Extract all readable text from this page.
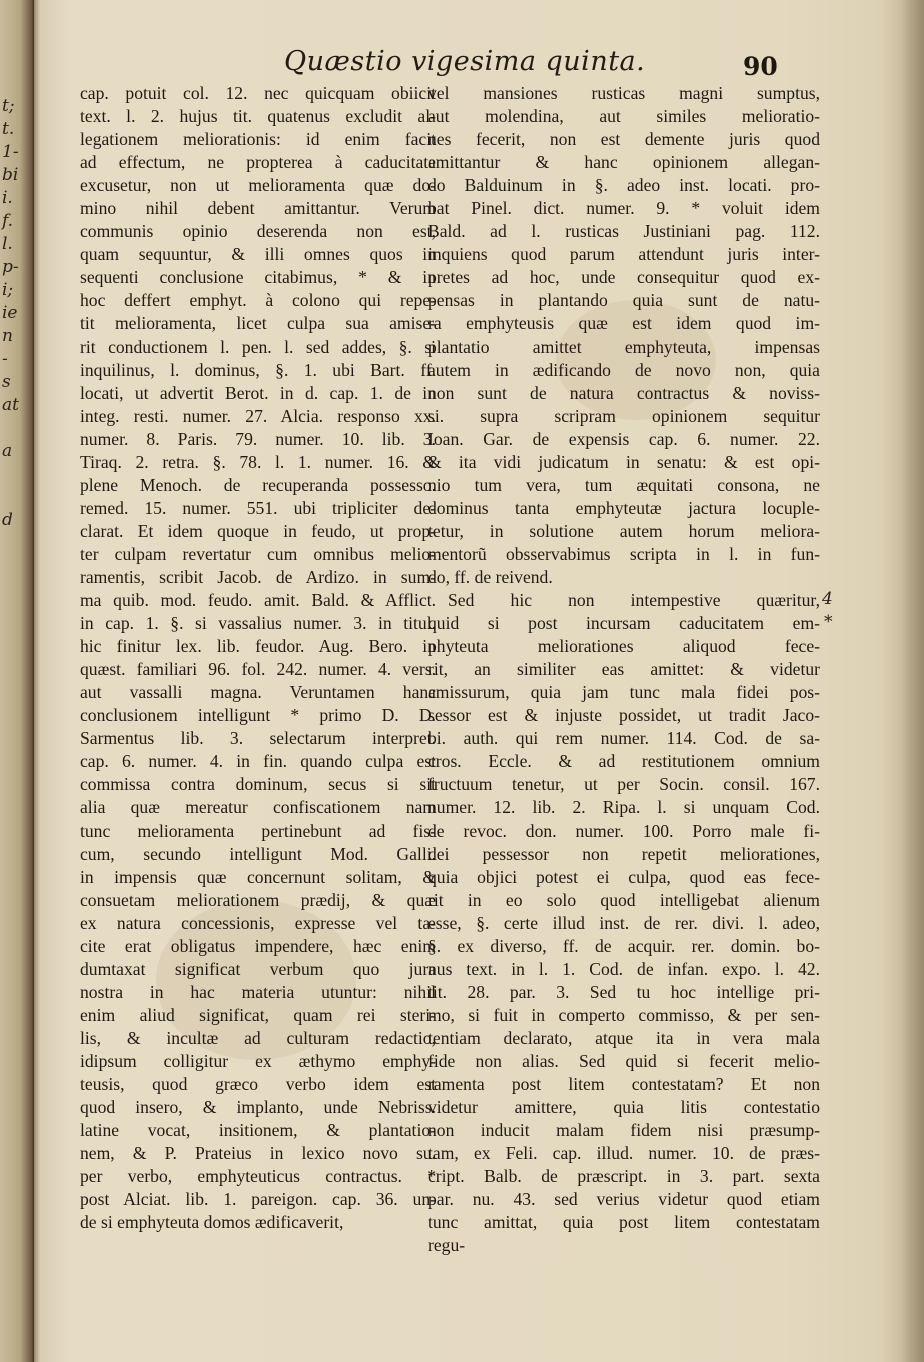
t;
t.
1-
bi
i.
f.
l.
p-
i;
ie
n
-
s
at
a
d
Quæstio vigesima quinta.	90
cap. potuit col. 12. nec quicquam obiicit
text. l. 2. hujus tit. quatenus excludit al-
legationem meliorationis: id enim facit
ad effectum, ne propterea à caducitate
excusetur, non ut melioramenta quæ do-
mino nihil debent amittantur. Verum
communis opinio deserenda non est,
quam sequuntur, & illi omnes quos in
sequenti conclusione citabimus, * & in
hoc deffert emphyt. à colono qui repe-
tit melioramenta, licet culpa sua amise-
rit conductionem l. pen. l. sed addes, §. si
inquilinus, l. dominus, §. 1. ubi Bart. ff.
locati, ut advertit Berot. in d. cap. 1. de in
integ. resti. numer. 27. Alcia. responso xx.
numer. 8. Paris. 79. numer. 10. lib. 3.
Tiraq. 2. retra. §. 78. l. 1. numer. 16. &
plene Menoch. de recuperanda possesso.
remed. 15. numer. 551. ubi tripliciter de-
clarat. Et idem quoque in feudo, ut prop-
ter culpam revertatur cum omnibus melio-
ramentis, scribit Jacob. de Ardizo. in sum-
ma quib. mod. feudo. amit. Bald. & Afflict.
in cap. 1. §. si vassalius numer. 3. in titul.
hic finitur lex. lib. feudor. Aug. Bero. in
quæst. familiari 96. fol. 242. numer. 4. vers.
aut vassalli magna. Veruntamen hanc
conclusionem intelligunt * primo D. D.
Sarmentus lib. 3. selectarum interpret.
cap. 6. numer. 4. in fin. quando culpa est
commissa contra dominum, secus si sit
alia quæ mereatur confiscationem nam
tunc melioramenta pertinebunt ad fis-
cum, secundo intelligunt Mod. Galli.
in impensis quæ concernunt solitam, &
consuetam meliorationem prædij, & quæ
ex natura concessionis, expresse vel ta-
cite erat obligatus impendere, hæc enim
dumtaxat significat verbum quo jura
nostra in hac materia utuntur: nihil
enim aliud significat, quam rei steri-
lis, & incultæ ad culturam redactio,
idipsum colligitur ex æthymo emphy-
teusis, quod græco verbo idem est
quod insero, & implanto, unde Nebriss.
latine vocat, insitionem, & plantatio-
nem, & P. Prateius in lexico novo su.
per verbo, emphyteuticus contractus. *
post Alciat. lib. 1. pareigon. cap. 36. un-
de si emphyteuta domos ædificaverit,
vel mansiones rusticas magni sumptus,
aut molendina, aut similes melioratio-
nes fecerit, non est demente juris quod
amittantur & hanc opinionem allegan-
do Balduinum in §. adeo inst. locati. pro-
bat Pinel. dict. numer. 9. * voluit idem
Bald. ad l. rusticas Justiniani pag. 112.
inquiens quod parum attendunt juris inter-
pretes ad hoc, unde consequitur quod ex-
pensas in plantando quia sunt de natu-
ra emphyteusis quæ est idem quod im-
plantatio amittet emphyteuta, impensas
autem in ædificando de novo non, quia
non sunt de natura contractus & noviss-
si. supra scripram opinionem sequitur
Ioan. Gar. de expensis cap. 6. numer. 22.
& ita vidi judicatum in senatu: & est opi-
nio tum vera, tum æquitati consona, ne
dominus tanta emphyteutæ jactura locuple-
tetur, in solutione autem horum meliora-
mentorũ obsservabimus scripta in l. in fun-
do, ff. de reivend.
Sed hic non intempestive quæritur,
quid si post incursam caducitatem em-
phyteuta meliorationes aliquod fece-
rit, an similiter eas amittet: & videtur
amissurum, quia jam tunc mala fidei pos-
sessor est & injuste possidet, ut tradit Jaco-
bi. auth. qui rem numer. 114. Cod. de sa-
cros. Eccle. & ad restitutionem omnium
fructuum tenetur, ut per Socin. consil. 167.
numer. 12. lib. 2. Ripa. l. si unquam Cod.
de revoc. don. numer. 100. Porro male fi-
dei pessessor non repetit meliorationes,
quia objici potest ei culpa, quod eas fece-
rit in eo solo quod intelligebat alienum
esse, §. certe illud inst. de rer. divi. l. adeo,
§. ex diverso, ff. de acquir. rer. domin. bo-
nus text. in l. 1. Cod. de infan. expo. l. 42.
tit. 28. par. 3. Sed tu hoc intellige pri-
mo, si fuit in comperto commisso, & per sen-
tentiam declarato, atque ita in vera mala
fide non alias. Sed quid si fecerit melio-
ramenta post litem contestatam? Et non
videtur amittere, quia litis contestatio
non inducit malam fidem nisi præsump-
tam, ex Feli. cap. illud. numer. 10. de præs-
cript. Balb. de præscript. in 3. part. sexta
par. nu. 43. sed verius videtur quod etiam
tunc amittat, quia post litem contestatam
regu-
4
*
